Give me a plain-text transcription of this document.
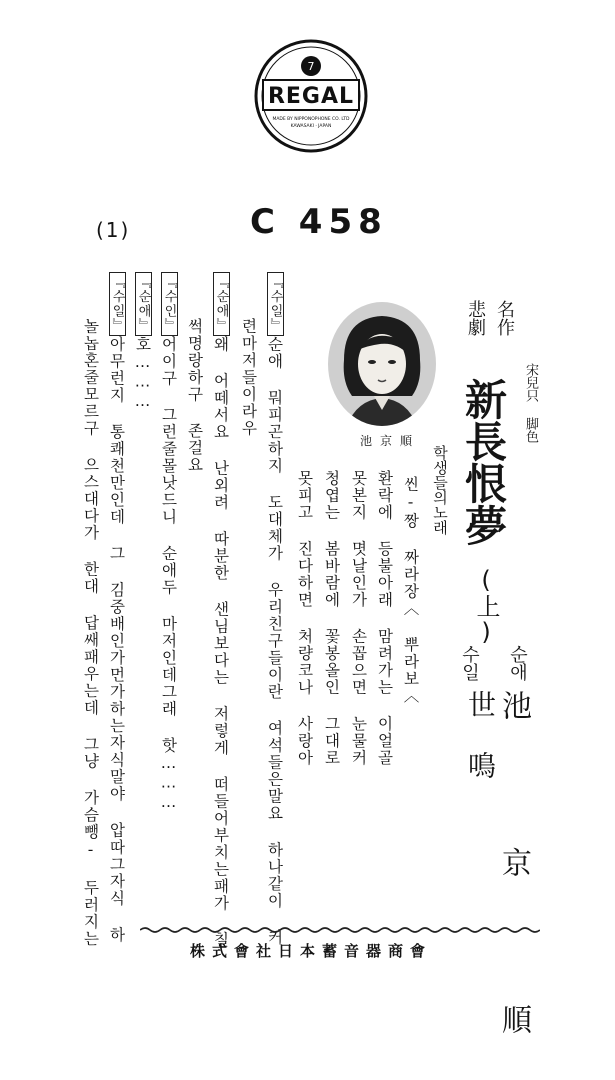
7
REGAL
MADE BY NIPPONOPHONE CO. LTD
KAWASAKI · JAPAN
C 458
(1)
宋兒只 脚色
名作
悲劇
新長恨夢
(上)
순애
池 京 順
수일
世 鳴
池京順
학생들의노래
씬-짱 짜라장〈 뿌라보〈
환락에 등불아래 맘려가는 이얼골
못본지 몃날인가 손꼽으면 눈물커
청엽는 봄바람에 꽃봉올인 그대로
못피고 진다하면 처량코나 사랑아
『수일』순애 뭐피곤하지 도대체가 우리친구들이란 여석들은말요 하나같이 커
련마저들이라우
『순애』왜 어떼서요 난외려 따분한 샌님보다는 저렇게 떠들어부치는패가 칠
썩명랑하구 존걸요
『수인』어이구 그런줄몰낫드니 순애두 마저인데그래 핫………
『순애』호………
『수일』아무런지 통쾌천만인데 그 김중배인가먼가하는자식말야 압따그자식 하
놀놉혼줄모르구 으스대다가 한대 답쌔패우는데 그냥 가슴뺑- 두러지는
株式會社日本蓄音器商會
